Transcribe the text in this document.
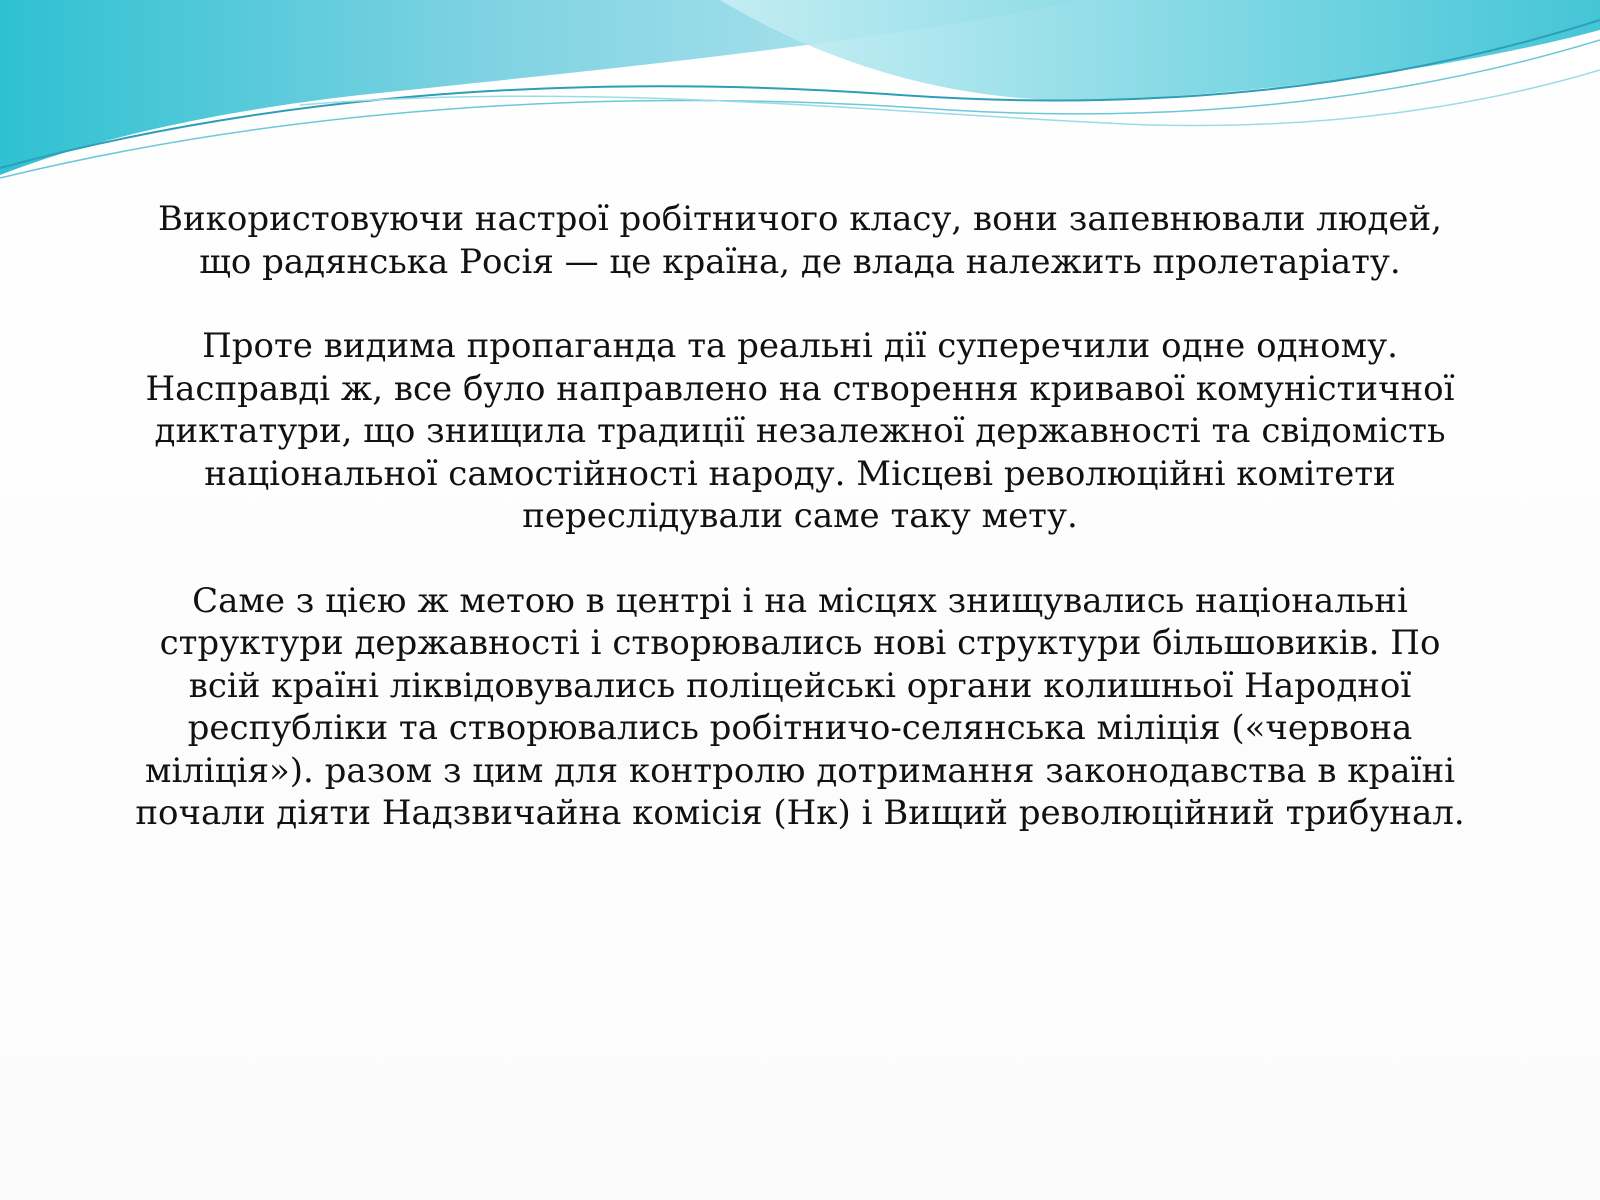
Використовуючи настрої робітничого класу, вони запевнювали людей, що радянська Росія — це країна, де влада належить пролетаріату.

Проте видима пропаганда та реальні дії суперечили одне одному. Насправді ж, все було направлено на створення кривавої комуністичної диктатури, що знищила традиції незалежної державності та свідомість національної самостійності народу. Місцеві революційні комітети переслідували саме таку мету.

Саме з цією ж метою в центрі і на місцях знищувались національні структури державності і створювались нові структури більшовиків. По всій країні ліквідовувались поліцейські органи колишньої Народної республіки та створювались робітничо-селянська міліція («червона міліція»). разом з цим для контролю дотримання законодавства в країні почали діяти Надзвичайна комісія (Нк) і Вищий революційний трибунал.
